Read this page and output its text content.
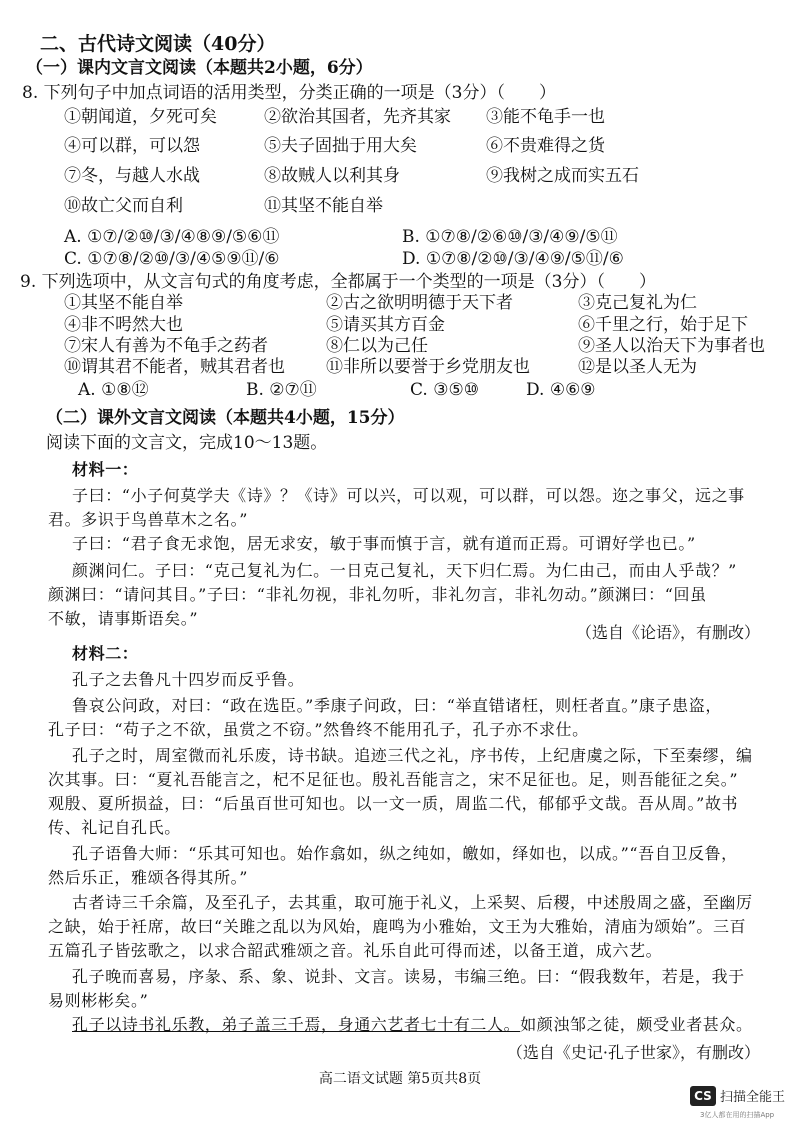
二、古代诗文阅读（40分）
（一）课内文言文阅读（本题共2小题，6分）
8. 下列句子中加点词语的活用类型，分类正确的一项是（3分）（　　）
①朝闻道，夕死可矣	②欲治其国者，先齐其家	③能不龟手一也
④可以群，可以怨	⑤夫子固拙于用大矣	⑥不贵难得之货
⑦冬，与越人水战	⑧故贼人以利其身	⑨我树之成而实五石
⑩故亡父而自利	⑪其坚不能自举
A. ①⑦/②⑩/③/④⑧⑨/⑤⑥⑪	B. ①⑦⑧/②⑥⑩/③/④⑨/⑤⑪
C. ①⑦⑧/②⑩/③/④⑤⑨⑪/⑥	D. ①⑦⑧/②⑩/③/④⑨/⑤⑪/⑥
9. 下列选项中，从文言句式的角度考虑，全都属于一个类型的一项是（3分）（　　）
①其坚不能自举	②古之欲明明德于天下者	③克己复礼为仁
④非不呺然大也	⑤请买其方百金	⑥千里之行，始于足下
⑦宋人有善为不龟手之药者	⑧仁以为己任	⑨圣人以治天下为事者也
⑩谓其君不能者，贼其君者也	⑪非所以要誉于乡党朋友也	⑫是以圣人无为
A. ①⑧⑫	B. ②⑦⑪	C. ③⑤⑩	D. ④⑥⑨
（二）课外文言文阅读（本题共4小题，15分）
阅读下面的文言文，完成10～13题。
材料一：
子曰：“小子何莫学夫《诗》？《诗》可以兴，可以观，可以群，可以怨。迩之事父，远之事
君。多识于鸟兽草木之名。”
子曰：“君子食无求饱，居无求安，敏于事而慎于言，就有道而正焉。可谓好学也已。”
颜渊问仁。子曰：“克己复礼为仁。一日克己复礼，天下归仁焉。为仁由己，而由人乎哉？”
颜渊曰：“请问其目。”子曰：“非礼勿视，非礼勿听，非礼勿言，非礼勿动。”颜渊曰：“回虽
不敏，请事斯语矣。”
（选自《论语》，有删改）
材料二：
孔子之去鲁凡十四岁而反乎鲁。
鲁哀公问政，对曰：“政在选臣。”季康子问政，曰：“举直错诸枉，则枉者直。”康子患盗，
孔子曰：“苟子之不欲，虽赏之不窃。”然鲁终不能用孔子，孔子亦不求仕。
孔子之时，周室微而礼乐废，诗书缺。追迹三代之礼，序书传，上纪唐虞之际，下至秦缪，编
次其事。曰：“夏礼吾能言之，杞不足征也。殷礼吾能言之，宋不足征也。足，则吾能征之矣。”
观殷、夏所损益，曰：“后虽百世可知也。以一文一质，周监二代，郁郁乎文哉。吾从周。”故书
传、礼记自孔氏。
孔子语鲁大师：“乐其可知也。始作翕如，纵之纯如，皦如，绎如也，以成。”“吾自卫反鲁，
然后乐正，雅颂各得其所。”
古者诗三千余篇，及至孔子，去其重，取可施于礼义，上采契、后稷，中述殷周之盛，至幽厉
之缺，始于衽席，故曰“关雎之乱以为风始，鹿鸣为小雅始，文王为大雅始，清庙为颂始”。三百
五篇孔子皆弦歌之，以求合韶武雅颂之音。礼乐自此可得而述，以备王道，成六艺。
孔子晚而喜易，序彖、系、象、说卦、文言。读易，韦编三绝。曰：“假我数年，若是，我于
易则彬彬矣。”
孔子以诗书礼乐教，弟子盖三千焉，身通六艺者七十有二人。如颜浊邹之徒，颇受业者甚众。
（选自《史记·孔子世家》，有删改）
高二语文试题 第5页共8页
CS 扫描全能王
3亿人都在用的扫描App
